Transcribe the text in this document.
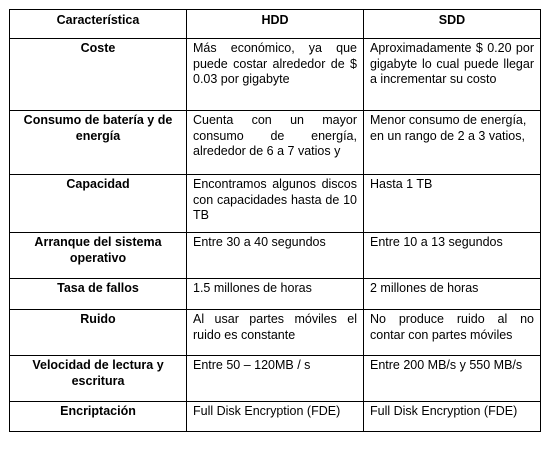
Característica	HDD	SDD
Coste	Más económico, ya que puede costar alrededor de $ 0.03 por gigabyte	Aproximadamente $ 0.20 por gigabyte lo cual puede llegar a incrementar su costo
Consumo de batería y de energía	Cuenta con un mayor consumo de energía, alrededor de 6 a 7 vatios y	Menor consumo de energía, en un rango de 2 a 3 vatios,
Capacidad	Encontramos algunos discos con capacidades hasta de 10 TB	Hasta 1 TB
Arranque del sistema operativo	Entre 30 a 40 segundos	Entre 10 a 13 segundos
Tasa de fallos	1.5 millones de horas	2 millones de horas
Ruido	Al usar partes móviles el ruido es constante	No produce ruido al no contar con partes móviles
Velocidad de lectura y escritura	Entre 50 – 120MB / s	Entre 200 MB/s y 550 MB/s
Encriptación	Full Disk Encryption (FDE)	Full Disk Encryption (FDE)
